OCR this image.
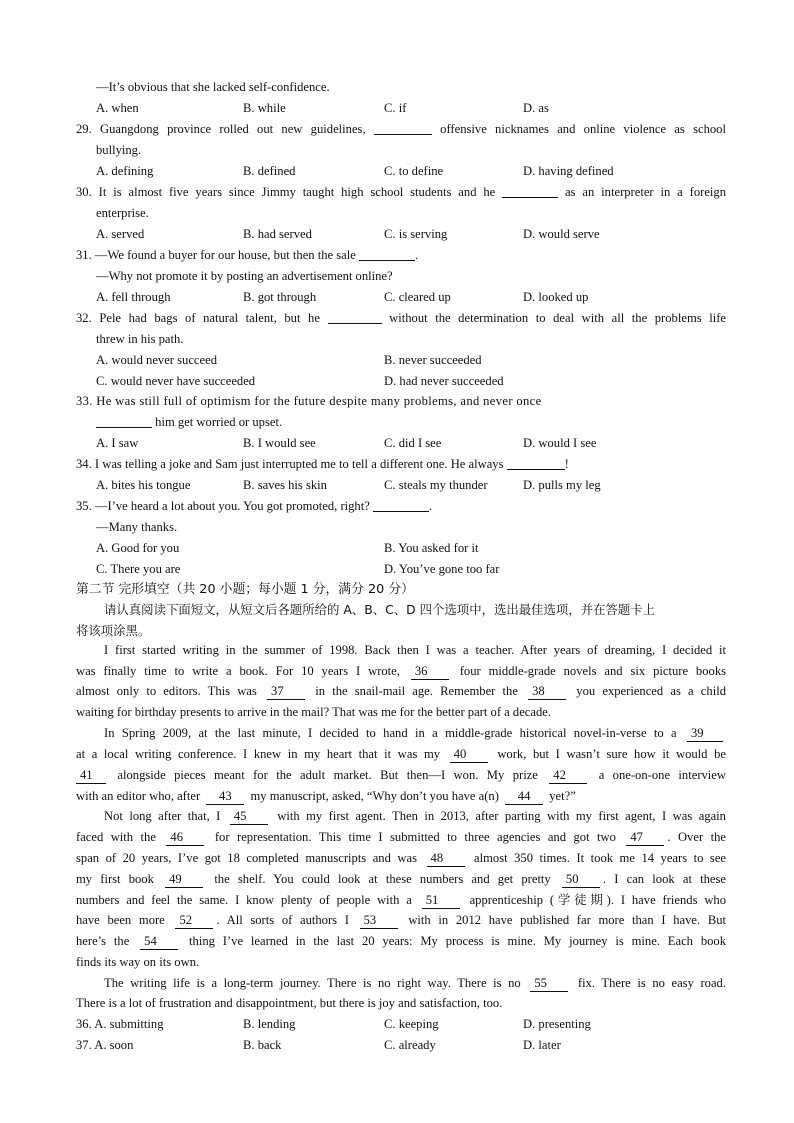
—It’s obvious that she lacked self-confidence.
A. when	B. while	C. if	D. as
29. Guangdong province rolled out new guidelines,	offensive nicknames and online violence as school
bullying.
A. defining	B. defined	C. to define	D. having defined
30. It is almost five years since Jimmy taught high school students and he	as an interpreter in a foreign
enterprise.
A. served	B. had served	C. is serving	D. would serve
31. —We found a buyer for our house, but then the sale	.
—Why not promote it by posting an advertisement online?
A. fell through	B. got through	C. cleared up	D. looked up
32. Pele had bags of natural talent, but he	without the determination to deal with all the problems life
threw in his path.
A. would never succeed	B. never succeeded
C. would never have succeeded	D. had never succeeded
33. He was still full of optimism for the future despite many problems, and never once
him get worried or upset.
A. I saw	B. I would see	C. did I see	D. would I see
34. I was telling a joke and Sam just interrupted me to tell a different one. He always	!
A. bites his tongue	B. saves his skin	C. steals my thunder	D. pulls my leg
35. —I’ve heard a lot about you. You got promoted, right?	.
—Many thanks.
A. Good for you	B. You asked for it
C. There you are	D. You’ve gone too far
第二节 完形填空（共 20 小题；每小题 1 分，满分 20 分）
请认真阅读下面短文，从短文后各题所给的 A、B、C、D 四个选项中，选出最佳选项，并在答题卡上
将该项涂黑。
I first started writing in the summer of 1998. Back then I was a teacher. After years of dreaming, I decided it
was finally time to write a book. For 10 years I wrote, 36	four middle-grade novels and six picture books
almost only to editors. This was 37	in the snail-mail age. Remember the 38	you experienced as a child
waiting for birthday presents to arrive in the mail? That was me for the better part of a decade.
In Spring 2009, at the last minute, I decided to hand in a middle-grade historical novel-in-verse to a 39
at a local writing conference. I knew in my heart that it was my 40 work, but I wasn’t sure how it would be
41 alongside pieces meant for the adult market. But then—I won. My prize 42	a one-on-one interview
with an editor who, after 43 my manuscript, asked, “Why don’t you have a(n) 44 yet?”
Not long after that, I 45 with my first agent. Then in 2013, after parting with my first agent, I was again
faced with the 46	for representation. This time I submitted to three agencies and got two 47 . Over the
span of 20 years, I’ve got 18 completed manuscripts and was 48 almost 350 times. It took me 14 years to see
my first book 49	the shelf. You could look at these numbers and get pretty 50 . I can look at these
numbers and feel the same. I know plenty of people with a 51 apprenticeship (学徒期). I have friends who
have been more 52 . All sorts of authors I 53	with in 2012 have published far more than I have. But
here’s the 54	thing I’ve learned in the last 20 years: My process is mine. My journey is mine. Each book
finds its way on its own.
The writing life is a long-term journey. There is no right way. There is no 55 fix. There is no easy road.
There is a lot of frustration and disappointment, but there is joy and satisfaction, too.
36. A. submitting	B. lending	C. keeping	D. presenting
37. A. soon	B. back	C. already	D. later
